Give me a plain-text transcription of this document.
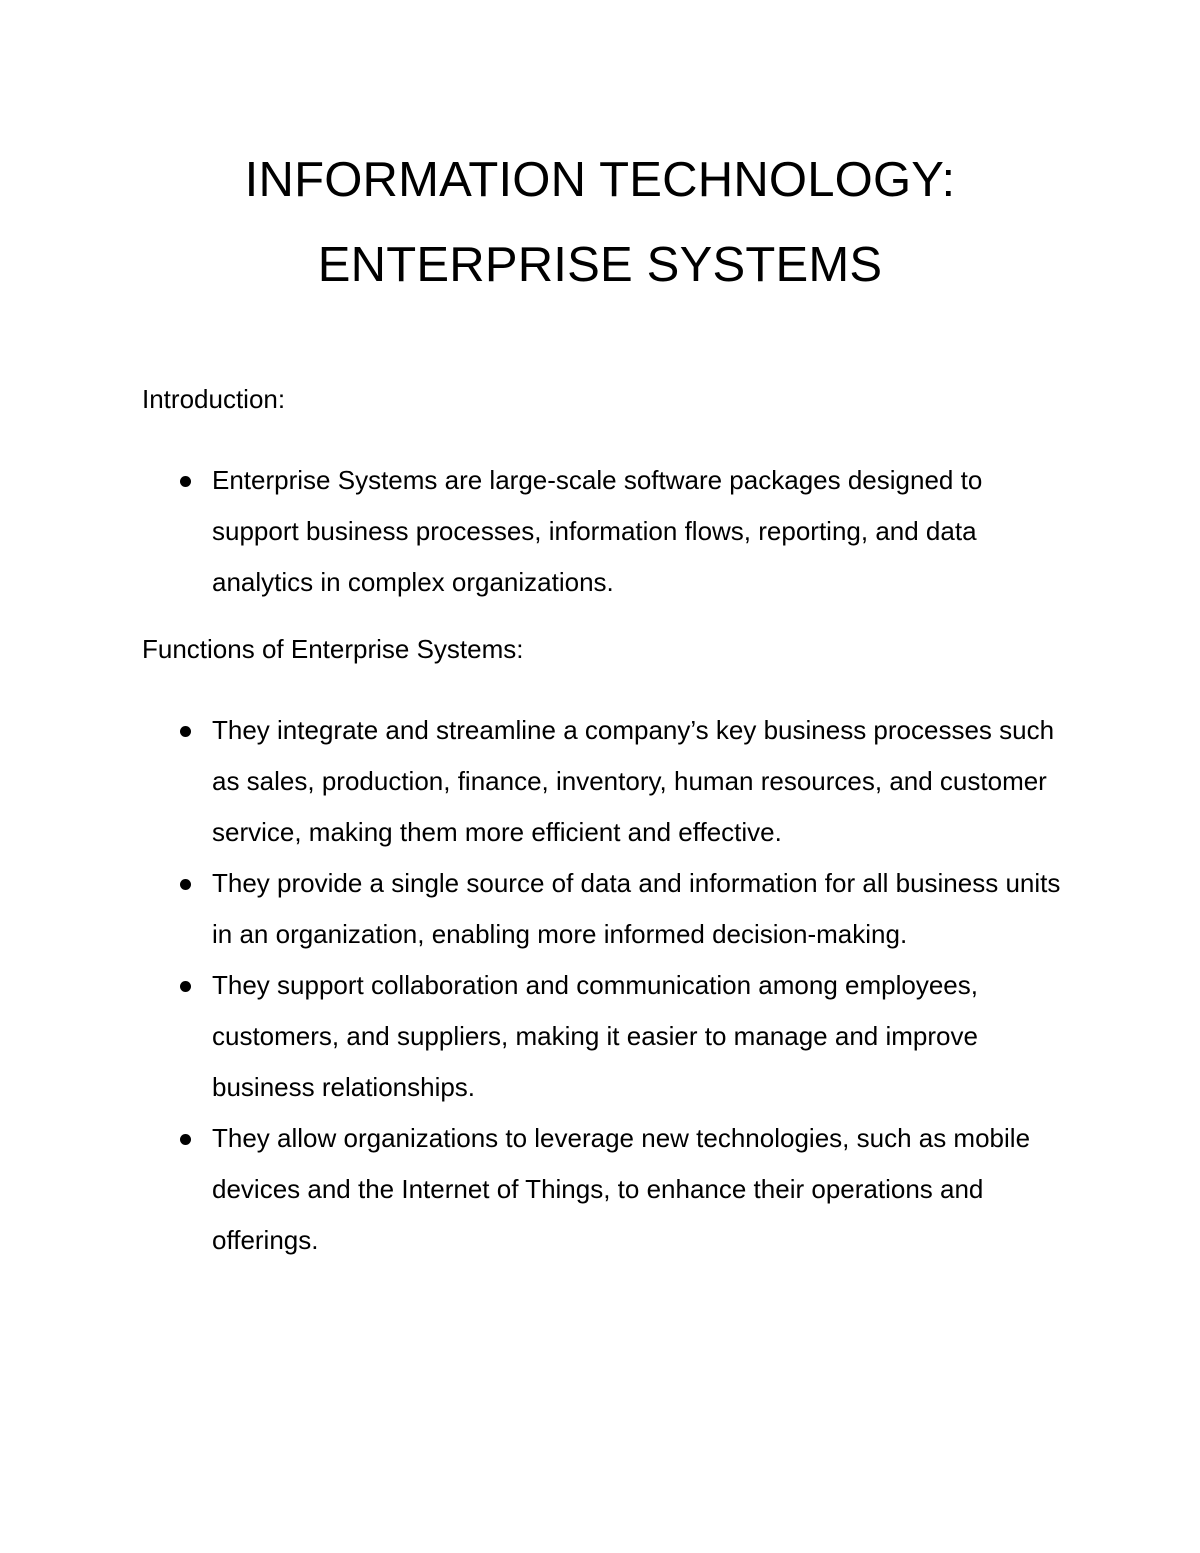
INFORMATION TECHNOLOGY:
ENTERPRISE SYSTEMS
Introduction:
Enterprise Systems are large-scale software packages designed to support business processes, information flows, reporting, and data analytics in complex organizations.
Functions of Enterprise Systems:
They integrate and streamline a company’s key business processes such as sales, production, finance, inventory, human resources, and customer service, making them more efficient and effective.
They provide a single source of data and information for all business units in an organization, enabling more informed decision-making.
They support collaboration and communication among employees, customers, and suppliers, making it easier to manage and improve business relationships.
They allow organizations to leverage new technologies, such as mobile devices and the Internet of Things, to enhance their operations and offerings.
